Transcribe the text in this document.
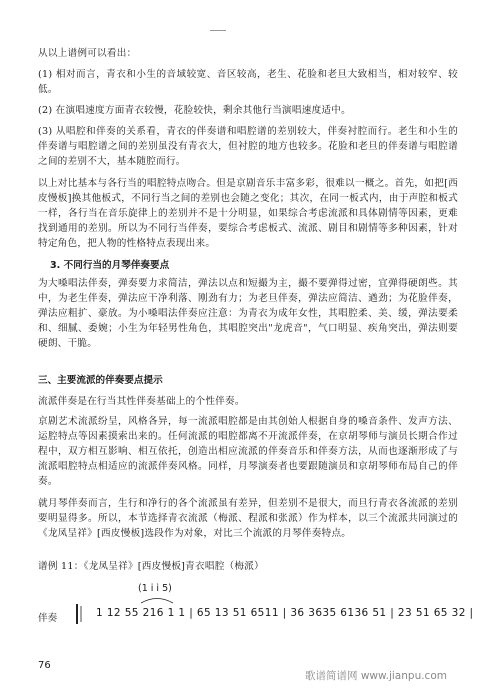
从以上谱例可以看出：
(1) 相对而言，青衣和小生的音域较宽、音区较高，老生、花脸和老旦大致相当，相对较窄、较低。
(2) 在演唱速度方面青衣较慢，花脸较快，剩余其他行当演唱速度适中。
(3) 从唱腔和伴奏的关系看，青衣的伴奏谱和唱腔谱的差别较大，伴奏衬腔而行。老生和小生的伴奏谱与唱腔谱之间的差别虽没有青衣大，但衬腔的地方也较多。花脸和老旦的伴奏谱与唱腔谱之间的差别不大，基本随腔而行。
以上对比基本与各行当的唱腔特点吻合。但是京剧音乐丰富多彩，很难以一概之。首先，如把[西皮慢板]换其他板式，不同行当之间的差别也会随之变化；其次，在同一板式内，由于声腔和板式一样，各行当在音乐旋律上的差别并不是十分明显，如果综合考虑流派和具体剧情等因素，更难找到通用的差别。所以为不同行当伴奏，要综合考虑板式、流派、剧目和剧情等多种因素，针对特定角色，把人物的性格特点表现出来。
3. 不同行当的月琴伴奏要点
为大嗓唱法伴奏，弹奏要力求简洁，弹法以点和短撮为主，撮不要弹得过密，宜弹得硬朗些。其中，为老生伴奏，弹法应干净利落、刚劲有力；为老旦伴奏，弹法应简洁、遒劲；为花脸伴奏，弹法应粗扩、豪放。为小嗓唱法伴奏应注意：为青衣为成年女性，其唱腔柔、美、缓，弹法要柔和、细腻、委婉；小生为年轻男性角色，其唱腔突出"龙虎音"，气口明显、疾角突出，弹法则要硬朗、干脆。
三、主要流派的伴奏要点提示
流派伴奏是在行当其性伴奏基础上的个性伴奏。
京剧艺术流派纷呈，风格各异，每一流派唱腔都是由其创始人根据自身的嗓音条件、发声方法、运腔特点等因素摸索出来的。任何流派的唱腔都离不开流派伴奏，在京胡琴师与演员长期合作过程中，双方相互影响、相互依托，创造出相应流派的伴奏音乐和伴奏方法，从而也逐渐形成了与流派唱腔特点相适应的流派伴奏风格。同样，月琴演奏者也要跟随演员和京胡琴师布局自己的伴奏。
就月琴伴奏而言，生行和净行的各个流派虽有差异，但差别不是很大，而旦行青衣各流派的差别要明显得多。所以，本节选择青衣流派（梅派、程派和张派）作为样本，以三个流派共同演过的《龙凤呈祥》[西皮慢板]选段作为对象，对比三个流派的月琴伴奏特点。
谱例 11：《龙凤呈祥》[西皮慢板]青衣唱腔（梅派）
(1 i i 5)
伴奏	1 12 55 216 1 1 | 65 13 51 6511 | 36 3635 6136 51 | 23 51 65 32 |
76
歌谱简谱网 www.jianpu.com
